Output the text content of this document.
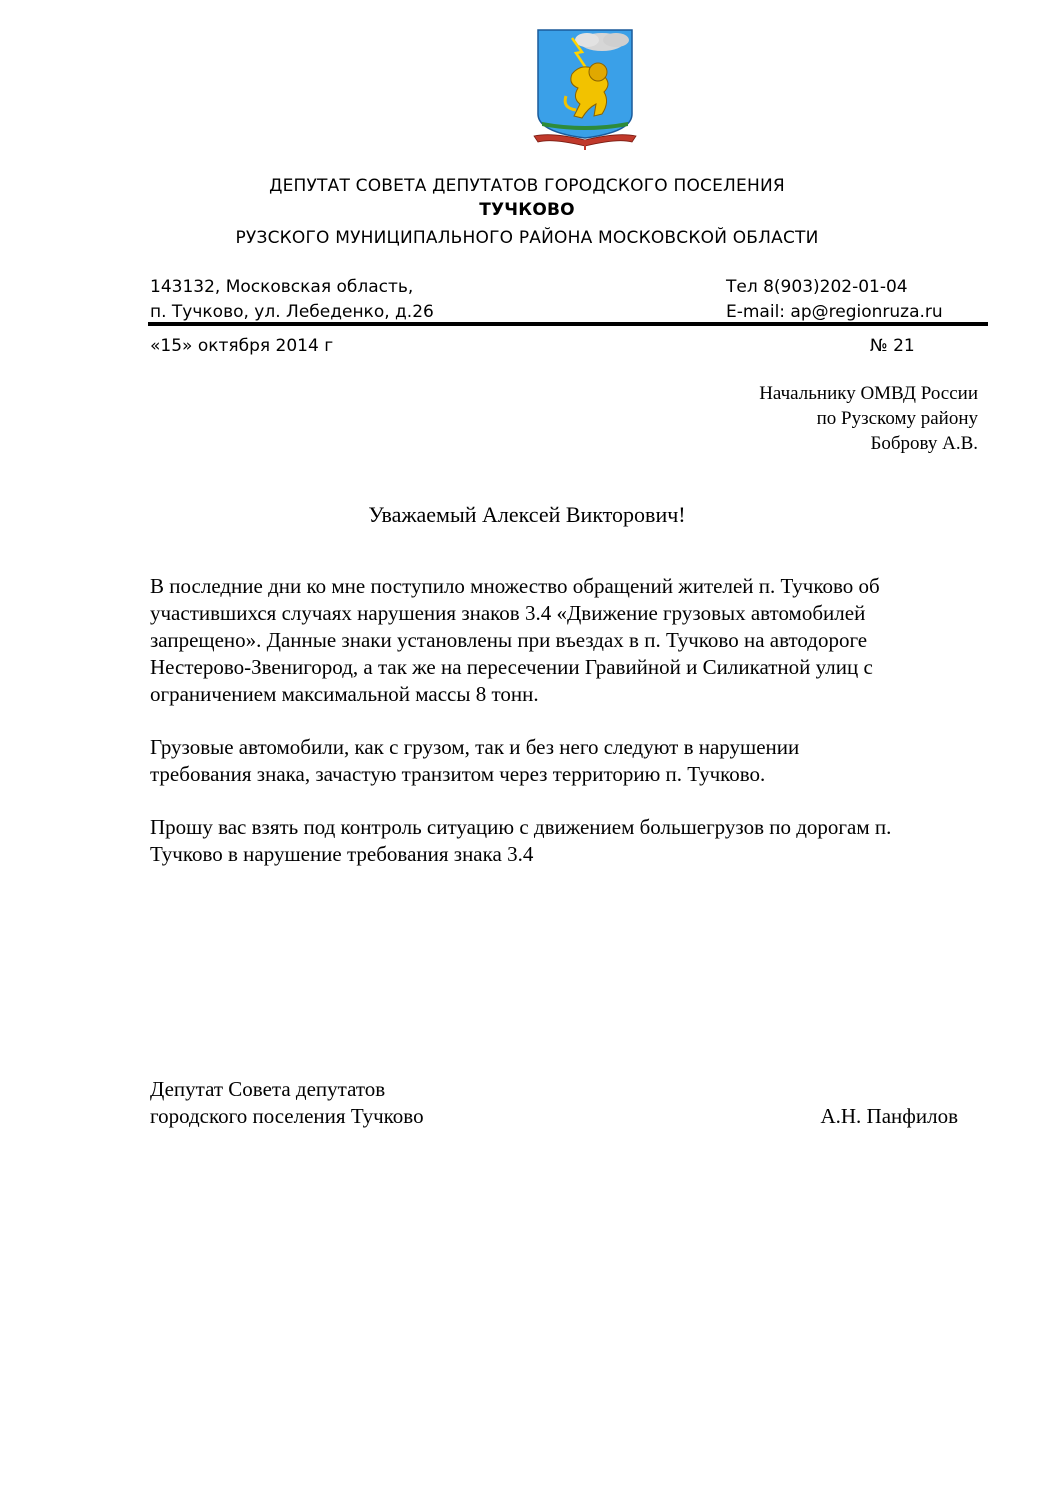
ДЕПУТАТ СОВЕТА ДЕПУТАТОВ ГОРОДСКОГО ПОСЕЛЕНИЯ
ТУЧКОВО
РУЗСКОГО МУНИЦИПАЛЬНОГО РАЙОНА МОСКОВСКОЙ ОБЛАСТИ
143132, Московская область,
п. Тучково, ул. Лебеденко, д.26
Тел 8(903)202-01-04
E-mail: ap@regionruza.ru
«15» октября 2014 г	№ 21
Начальнику ОМВД России
по Рузскому району
Боброву А.В.
Уважаемый Алексей Викторович!
В последние дни ко мне поступило множество обращений жителей п. Тучково об
участившихся случаях нарушения знаков 3.4 «Движение грузовых автомобилей
запрещено». Данные знаки установлены при въездах в п. Тучково на автодороге
Нестерово-Звенигород, а так же на пересечении Гравийной и Силикатной улиц с
ограничением максимальной массы 8 тонн.
Грузовые автомобили, как с грузом, так и без него следуют в нарушении
требования знака, зачастую транзитом через территорию п. Тучково.
Прошу вас взять под контроль ситуацию с движением большегрузов по дорогам п.
Тучково в нарушение требования знака 3.4
Депутат Совета депутатов
городского поселения Тучково	А.Н. Панфилов
